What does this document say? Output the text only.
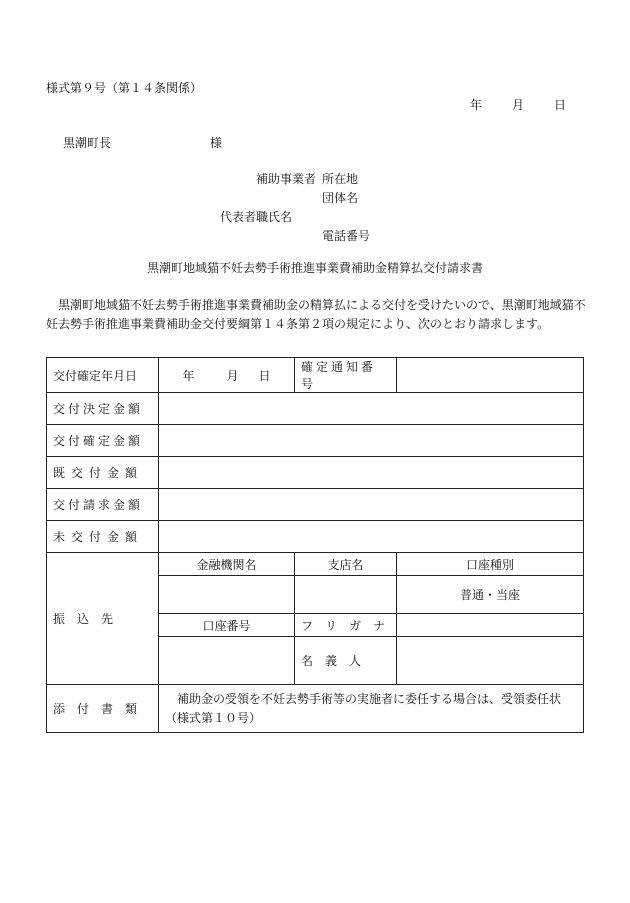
様式第９号（第１４条関係）
年 月 日
黒潮町長	様
補助事業者 所在地
団体名
代表者職氏名
電話番号
黒潮町地域猫不妊去勢手術推進事業費補助金精算払交付請求書
黒潮町地域猫不妊去勢手術推進事業費補助金の精算払による交付を受けたいので、黒潮町地域猫不妊去勢手術推進事業費補助金交付要綱第１４条第２項の規定により、次のとおり請求します。
交付確定年月日	年 月 日	確定通知番号	
交付決定金額			
交付確定金額			
既交付金額			
交付請求金額			
未交付金額			
振　込　先	金融機関名	支店名	口座種別
			普通・当座
	口座番号	フ　リ　ガ　ナ	
		名　義　人	
添　付　書　類	補助金の受領を不妊去勢手術等の実施者に委任する場合は、受領委任状（様式第１０号）		
